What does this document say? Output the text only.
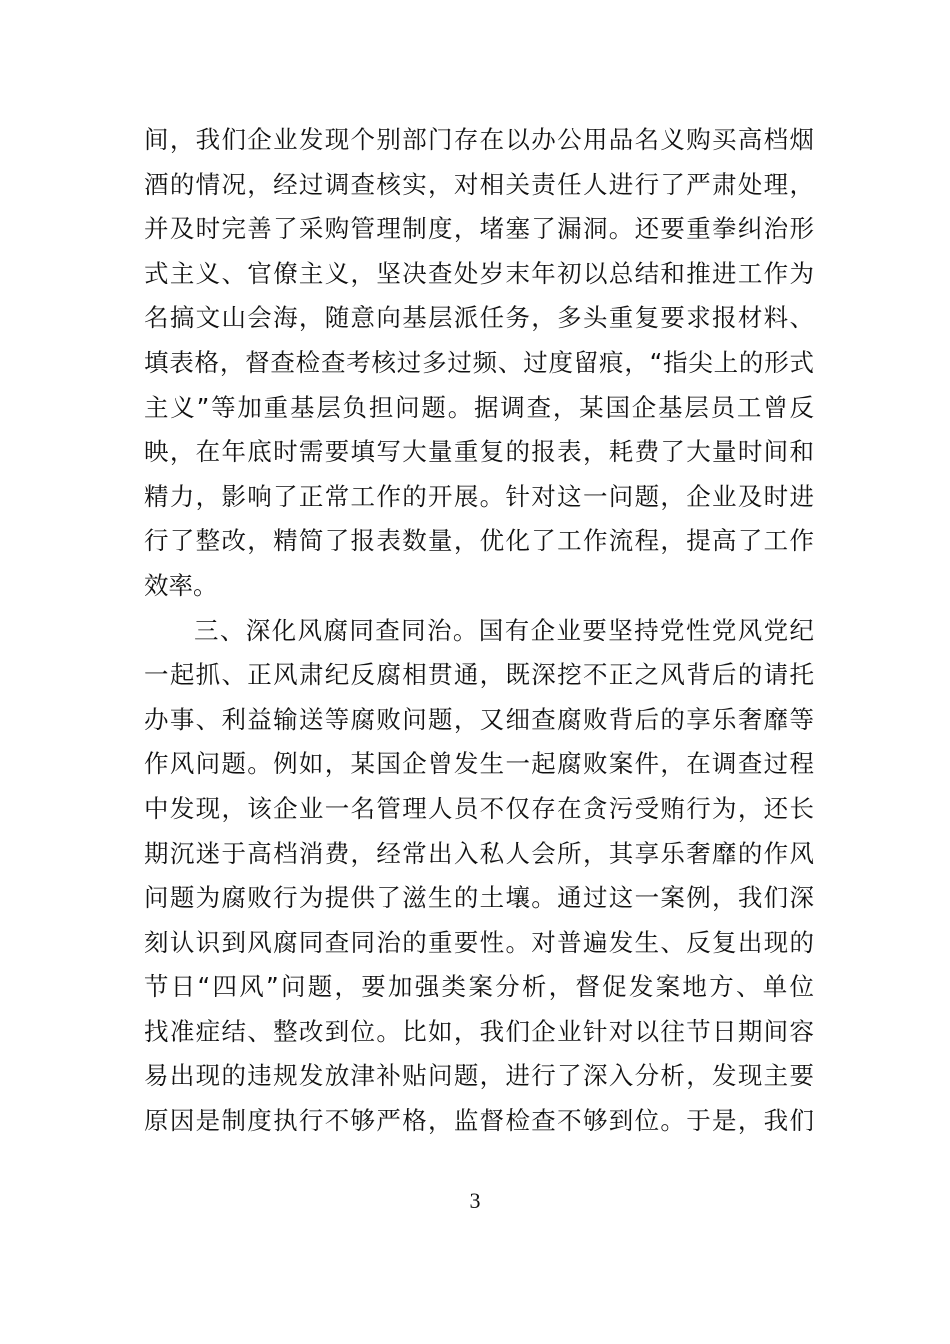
间，我们企业发现个别部门存在以办公用品名义购买高档烟
酒的情况，经过调查核实，对相关责任人进行了严肃处理，
并及时完善了采购管理制度，堵塞了漏洞。还要重拳纠治形
式主义、官僚主义，坚决查处岁末年初以总结和推进工作为
名搞文山会海，随意向基层派任务，多头重复要求报材料、
填表格，督查检查考核过多过频、过度留痕，“指尖上的形式
主义”等加重基层负担问题。据调查，某国企基层员工曾反
映，在年底时需要填写大量重复的报表，耗费了大量时间和
精力，影响了正常工作的开展。针对这一问题，企业及时进
行了整改，精简了报表数量，优化了工作流程，提高了工作
效率。
三、深化风腐同查同治。国有企业要坚持党性党风党纪
一起抓、正风肃纪反腐相贯通，既深挖不正之风背后的请托
办事、利益输送等腐败问题，又细查腐败背后的享乐奢靡等
作风问题。例如，某国企曾发生一起腐败案件，在调查过程
中发现，该企业一名管理人员不仅存在贪污受贿行为，还长
期沉迷于高档消费，经常出入私人会所，其享乐奢靡的作风
问题为腐败行为提供了滋生的土壤。通过这一案例，我们深
刻认识到风腐同查同治的重要性。对普遍发生、反复出现的
节日“四风”问题，要加强类案分析，督促发案地方、单位
找准症结、整改到位。比如，我们企业针对以往节日期间容
易出现的违规发放津补贴问题，进行了深入分析，发现主要
原因是制度执行不够严格，监督检查不够到位。于是，我们
3
